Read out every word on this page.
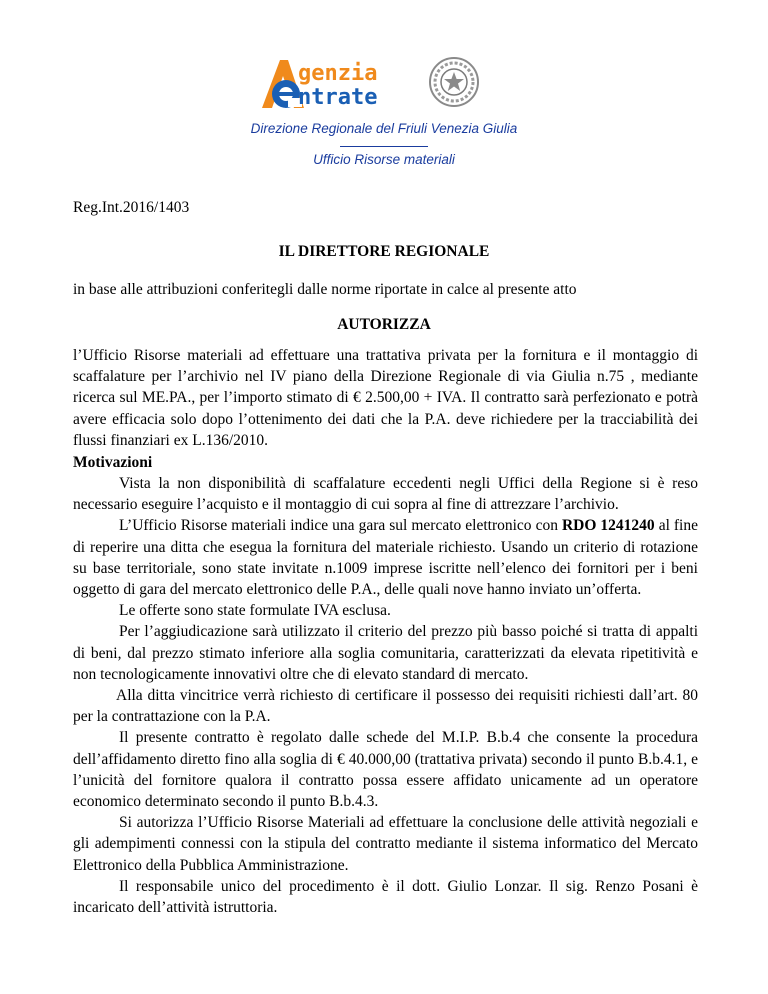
genzia
ntrate
Direzione Regionale del Friuli Venezia Giulia
Ufficio Risorse materiali
Reg.Int.2016/1403
IL DIRETTORE REGIONALE
in base alle attribuzioni conferitegli dalle norme riportate in calce al presente atto
AUTORIZZA

l’Ufficio Risorse materiali ad effettuare una trattativa privata per la fornitura e il montaggio di scaffalature per l’archivio nel IV piano della Direzione Regionale di via Giulia n.75 , mediante ricerca sul ME.PA., per l’importo stimato di € 2.500,00 + IVA. Il contratto sarà perfezionato e potrà avere efficacia solo dopo l’ottenimento dei dati che la P.A. deve richiedere per la tracciabilità dei flussi finanziari ex L.136/2010.

Motivazioni

Vista la non disponibilità di scaffalature eccedenti negli Uffici della Regione si è reso necessario eseguire l’acquisto e il montaggio di cui sopra al fine di attrezzare l’archivio.

L’Ufficio Risorse materiali indice una gara sul mercato elettronico con RDO 1241240 al fine di reperire una ditta che esegua la fornitura del materiale richiesto. Usando un criterio di rotazione su base territoriale, sono state invitate n.1009 imprese iscritte nell’elenco dei fornitori per i beni oggetto di gara del mercato elettronico delle P.A., delle quali nove hanno inviato un’offerta.

Le offerte sono state formulate IVA esclusa.

Per l’aggiudicazione sarà utilizzato il criterio del prezzo più basso poiché si tratta di appalti di beni, dal prezzo stimato inferiore alla soglia comunitaria, caratterizzati da elevata ripetitività e non tecnologicamente innovativi oltre che di elevato standard di mercato.

Alla ditta vincitrice verrà richiesto di certificare il possesso dei requisiti richiesti dall’art. 80 per la contrattazione con la P.A.

Il presente contratto è regolato dalle schede del M.I.P. B.b.4 che consente la procedura dell’affidamento diretto fino alla soglia di € 40.000,00 (trattativa privata) secondo il punto B.b.4.1, e l’unicità del fornitore qualora il contratto possa essere affidato unicamente ad un operatore economico determinato secondo il punto B.b.4.3.

Si autorizza l’Ufficio Risorse Materiali ad effettuare la conclusione delle attività negoziali e gli adempimenti connessi con la stipula del contratto mediante il sistema informatico del Mercato Elettronico della Pubblica Amministrazione.

Il responsabile unico del procedimento è il dott. Giulio Lonzar. Il sig. Renzo Posani è incaricato dell’attività istruttoria.
